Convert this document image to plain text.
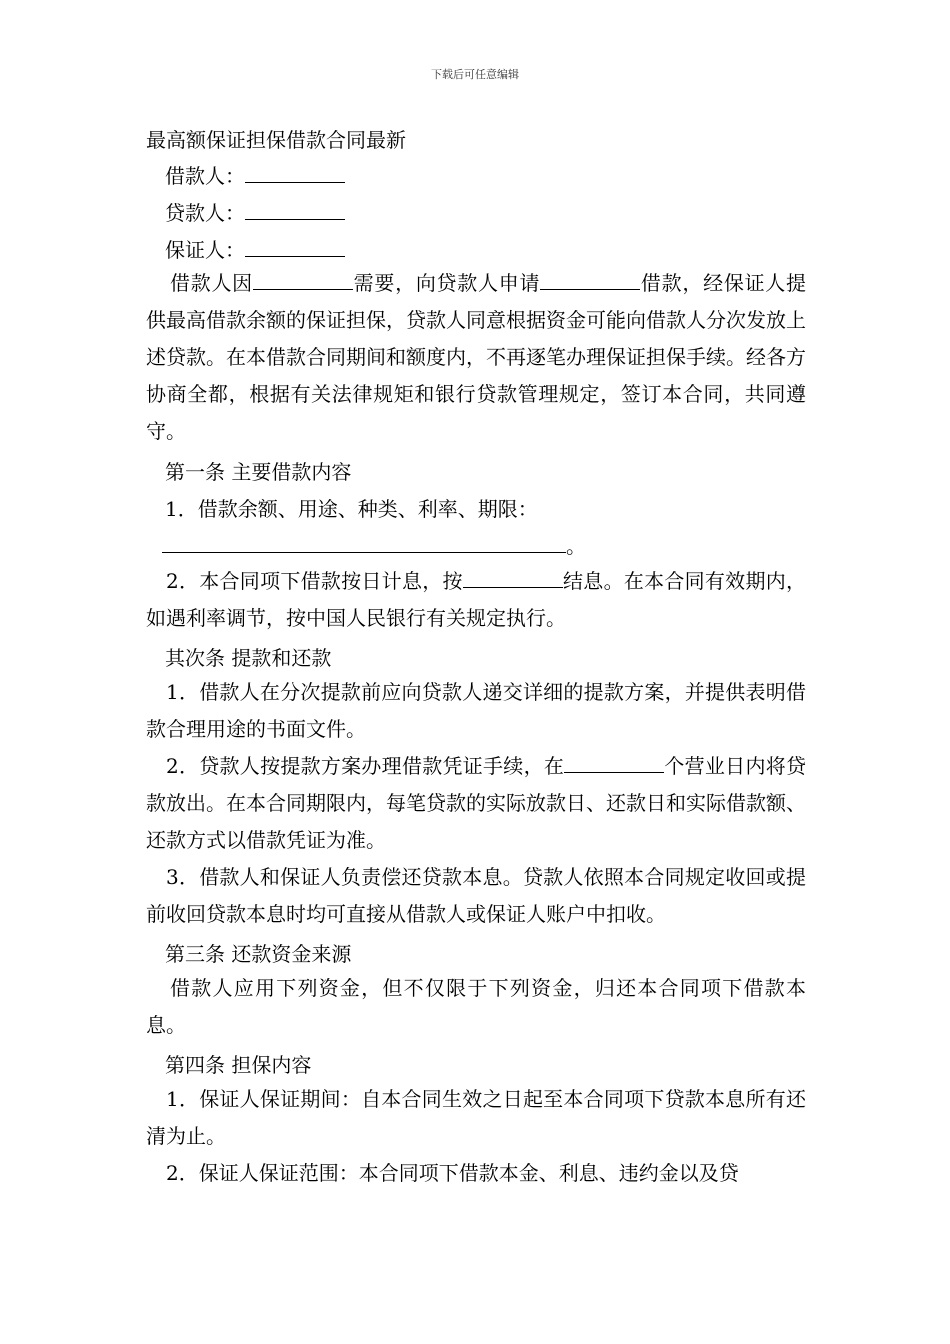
下载后可任意编辑
最高额保证担保借款合同最新
借款人：
贷款人：
保证人：
借款人因	需要，向贷款人申请	借款，经保证人提供最高借款余额的保证担保，贷款人同意根据资金可能向借款人分次发放上述贷款。在本借款合同期间和额度内，不再逐笔办理保证担保手续。经各方协商全都，根据有关法律规矩和银行贷款管理规定，签订本合同，共同遵守。
第一条 主要借款内容
1．借款余额、用途、种类、利率、期限：
。
2．本合同项下借款按日计息，按	结息。在本合同有效期内，如遇利率调节，按中国人民银行有关规定执行。
其次条 提款和还款
1．借款人在分次提款前应向贷款人递交详细的提款方案，并提供表明借款合理用途的书面文件。
2．贷款人按提款方案办理借款凭证手续，在	个营业日内将贷款放出。在本合同期限内，每笔贷款的实际放款日、还款日和实际借款额、还款方式以借款凭证为准。
3．借款人和保证人负责偿还贷款本息。贷款人依照本合同规定收回或提前收回贷款本息时均可直接从借款人或保证人账户中扣收。
第三条 还款资金来源
借款人应用下列资金，但不仅限于下列资金，归还本合同项下借款本息。
第四条 担保内容
1．保证人保证期间：自本合同生效之日起至本合同项下贷款本息所有还清为止。
2．保证人保证范围：本合同项下借款本金、利息、违约金以及贷
